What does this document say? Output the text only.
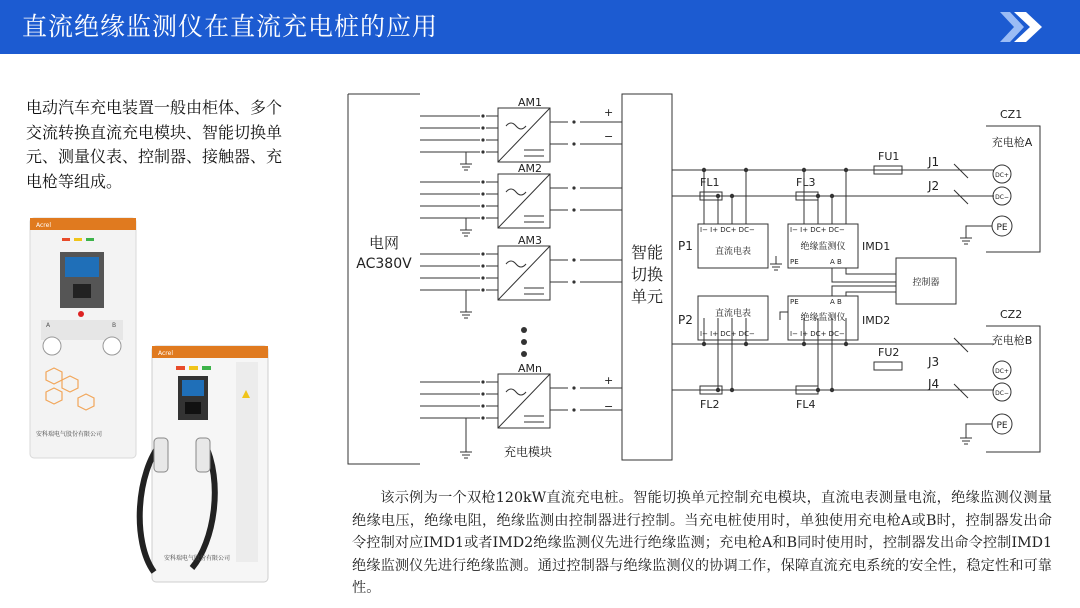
直流绝缘监测仪在直流充电桩的应用
电动汽车充电装置一般由柜体、多个交流转换直流充电模块、智能切换单元、测量仪表、控制器、接触器、充电枪等组成。
Acrel
A	B
安科瑞电气股份有限公司
Acrel
安科瑞电气股份有限公司
电网
AC380V
AM1
AM2
AM3
AMn
充电模块
+
−
+
−
智能
切换
单元
FL1	FL3
FL2	FL4
I− I+ DC+ DC−
直流电表
I− I+ DC+ DC−
绝缘监测仪
PE	A B
直流电表
I− I+ DC+ DC−
PE	A B
绝缘监测仪
I− I+ DC+ DC−
P1
P2
IMD1
IMD2
控制器
FU1
FU2
J1
J2
J3
J4
CZ1
CZ2
充电枪A
充电枪B
DC+
DC−
PE
DC+
DC−
PE
该示例为一个双枪120kW直流充电桩。智能切换单元控制充电模块，直流电表测量电流，绝缘监测仪测量绝缘电压，绝缘电阻，绝缘监测由控制器进行控制。当充电桩使用时，单独使用充电枪A或B时，控制器发出命令控制对应IMD1或者IMD2绝缘监测仪先进行绝缘监测；充电枪A和B同时使用时，控制器发出命令控制IMD1绝缘监测仪先进行绝缘监测。通过控制器与绝缘监测仪的协调工作，保障直流充电系统的安全性，稳定性和可靠性。
